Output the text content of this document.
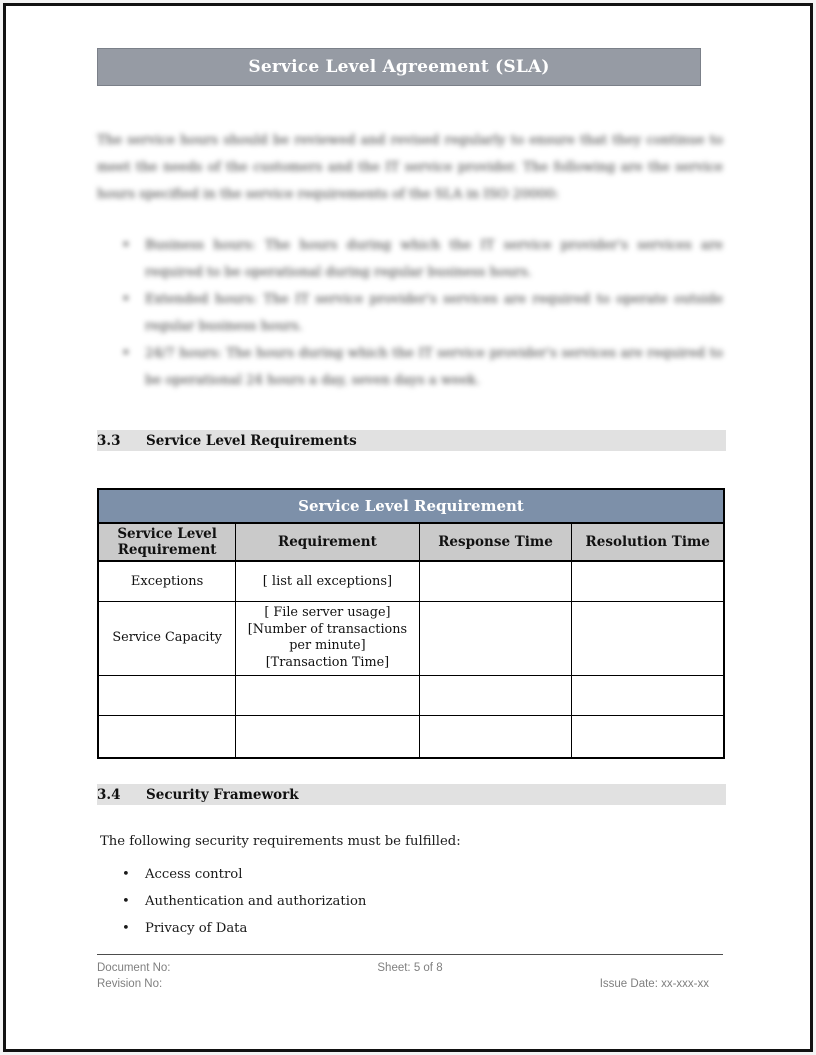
Service Level Agreement (SLA)

The service hours should be reviewed and revised regularly to ensure that they continue to meet the needs of the customers and the IT service provider. The following are the service hours specified in the service requirements of the SLA in ISO 20000:

• Business hours: The hours during which the IT service provider's services are required to be operational during regular business hours.
• Extended hours: The IT service provider's services are required to operate outside regular business hours.
• 24/7 hours: The hours during which the IT service provider's services are required to be operational 24 hours a day, seven days a week.
3.3	Service Level Requirements
Service Level Requirement			
Service Level Requirement	Requirement	Response Time	Resolution Time
Exceptions	[ list all exceptions]		
Service Capacity	[ File server usage]
[Number of transactions per minute]
[Transaction Time]		

3.4	Security Framework

The following security requirements must be fulfilled:

• Access control
• Authentication and authorization
• Privacy of Data
Document No:	Sheet: 5 of 8
Revision No:	Issue Date: xx-xxx-xx
